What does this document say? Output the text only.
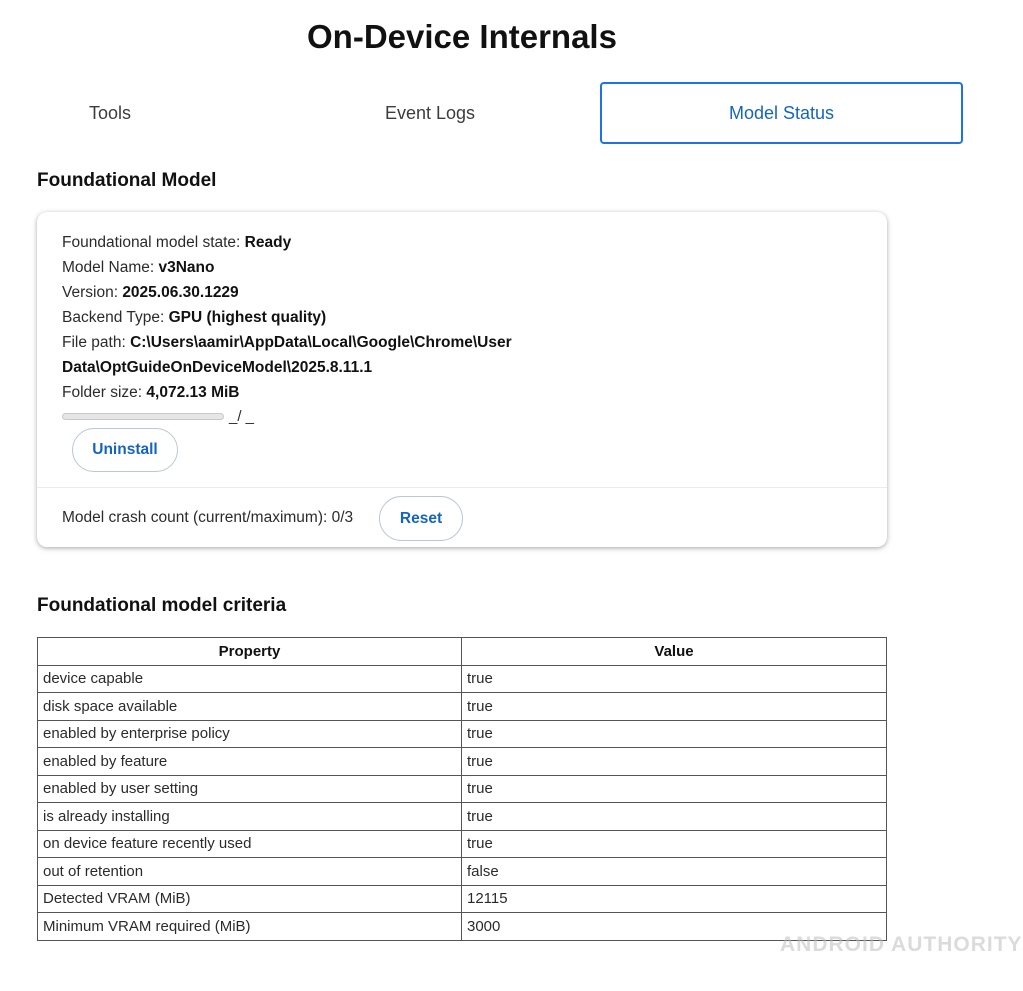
On-Device Internals
Tools	Event Logs	Model Status
Foundational Model
Foundational model state: Ready
Model Name: v3Nano
Version: 2025.06.30.1229
Backend Type: GPU (highest quality)
File path: C:\Users\aamir\AppData\Local\Google\Chrome\User Data\OptGuideOnDeviceModel\2025.8.11.1
Folder size: 4,072.13 MiB
_/ _
Uninstall
Model crash count (current/maximum): 0/3	Reset
Foundational model criteria
Property	Value
device capable	true
disk space available	true
enabled by enterprise policy	true
enabled by feature	true
enabled by user setting	true
is already installing	true
on device feature recently used	true
out of retention	false
Detected VRAM (MiB)	12115
Minimum VRAM required (MiB)	3000
ANDROID AUTHORITY
